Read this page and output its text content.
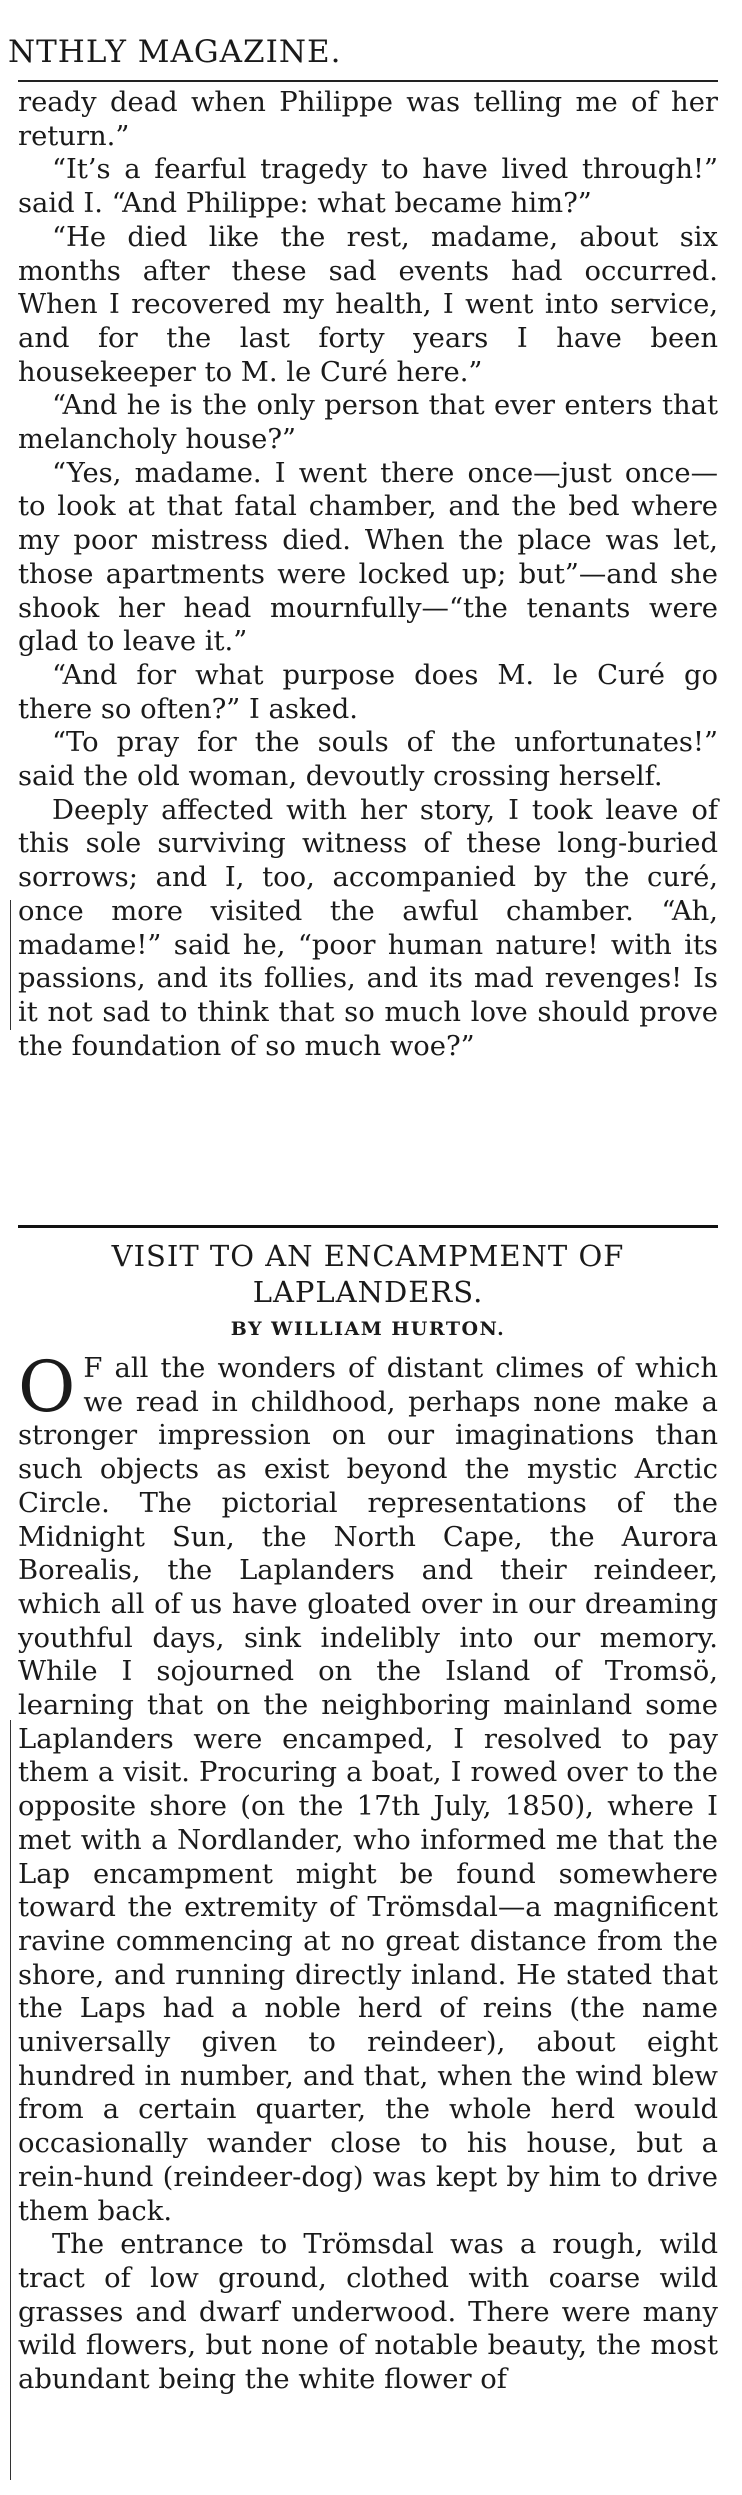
NTHLY MAGAZINE.

ready dead when Philippe was telling me of her return.”

“It’s a fearful tragedy to have lived through!” said I. “And Philippe: what became him?”

“He died like the rest, madame, about six months after these sad events had occurred. When I recovered my health, I went into service, and for the last forty years I have been housekeeper to M. le Curé here.”

“And he is the only person that ever enters that melancholy house?”

“Yes, madame. I went there once—just once—to look at that fatal chamber, and the bed where my poor mistress died. When the place was let, those apartments were locked up; but”—and she shook her head mournfully—“the tenants were glad to leave it.”

“And for what purpose does M. le Curé go there so often?” I asked.

“To pray for the souls of the unfortunates!” said the old woman, devoutly crossing herself.

Deeply affected with her story, I took leave of this sole surviving witness of these long-buried sorrows; and I, too, accompanied by the curé, once more visited the awful chamber. “Ah, madame!” said he, “poor human nature! with its passions, and its follies, and its mad revenges! Is it not sad to think that so much love should prove the foundation of so much woe?”

VISIT TO AN ENCAMPMENT OF LAPLANDERS.
BY WILLIAM HURTON.

O F all the wonders of distant climes of which we read in childhood, perhaps none make a stronger impression on our imaginations than such objects as exist beyond the mystic Arctic Circle. The pictorial representations of the Midnight Sun, the North Cape, the Aurora Borealis, the Laplanders and their reindeer, which all of us have gloated over in our dreaming youthful days, sink indelibly into our memory. While I sojourned on the Island of Tromsö, learning that on the neighboring mainland some Laplanders were encamped, I resolved to pay them a visit. Procuring a boat, I rowed over to the opposite shore (on the 17th July, 1850), where I met with a Nordlander, who informed me that the Lap encampment might be found somewhere toward the extremity of Trömsdal—a magnificent ravine commencing at no great distance from the shore, and running directly inland. He stated that the Laps had a noble herd of reins (the name universally given to reindeer), about eight hundred in number, and that, when the wind blew from a certain quarter, the whole herd would occasionally wander close to his house, but a rein-hund (reindeer-dog) was kept by him to drive them back.

The entrance to Trömsdal was a rough, wild tract of low ground, clothed with coarse wild grasses and dwarf underwood. There were many wild flowers, but none of notable beauty, the most abundant being the white flower of
